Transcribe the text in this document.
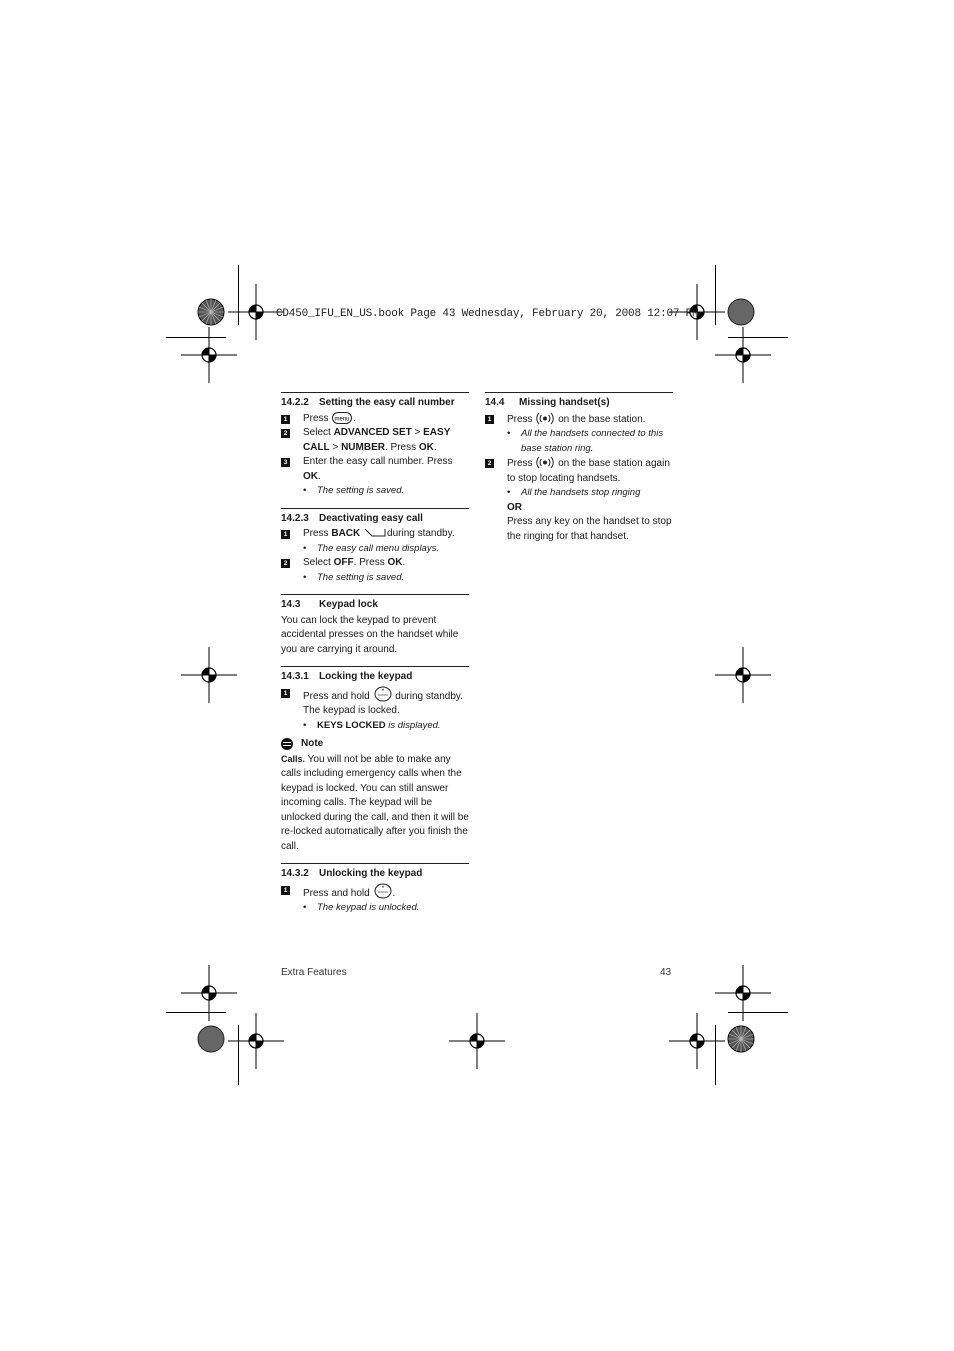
CD450_IFU_EN_US.book Page 43 Wednesday, February 20, 2008 12:07 PM
14.2.2 Setting the easy call number
1 Press menu .
2 Select ADVANCED SET > EASY CALL > NUMBER. Press OK.
3 Enter the easy call number. Press OK.
• The setting is saved.
14.2.3 Deactivating easy call
1 Press BACK	during standby.
• The easy call menu displays.
2 Select OFF. Press OK.
• The setting is saved.
14.3 Keypad lock
You can lock the keypad to prevent accidental presses on the handset while you are carrying it around.
14.3.1 Locking the keypad
1 Press and hold * during standby. The keypad is locked.
• KEYS LOCKED is displayed.
Note
Calls. You will not be able to make any calls including emergency calls when the keypad is locked. You can still answer incoming calls. The keypad will be unlocked during the call, and then it will be re-locked automatically after you finish the call.
14.3.2 Unlocking the keypad
1 Press and hold * .
• The keypad is unlocked.
14.4 Missing handset(s)
1 Press	on the base station.
• All the handsets connected to this base station ring.
2 Press	on the base station again to stop locating handsets.
• All the handsets stop ringing
OR
Press any key on the handset to stop the ringing for that handset.
Extra Features	43
